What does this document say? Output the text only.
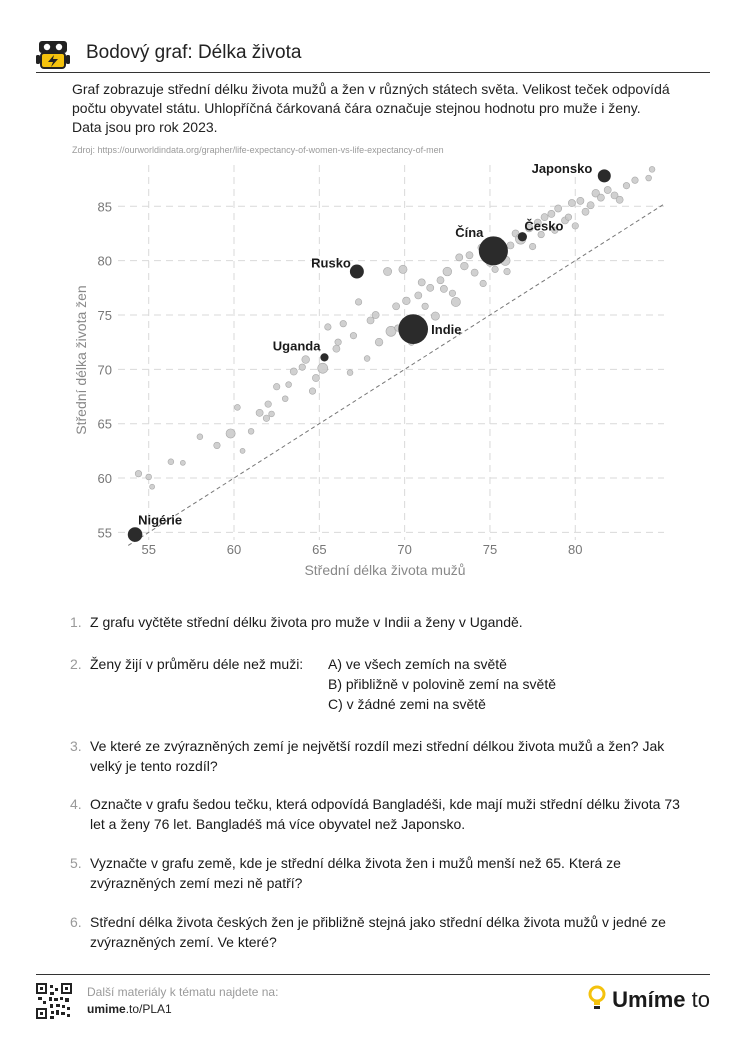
Bodový graf: Délka života
Graf zobrazuje střední délku života mužů a žen v různých státech světa. Velikost teček odpovídá počtu obyvatel státu. Uhlopříčná čárkovaná čára označuje stejnou hodnotu pro muže i ženy. Data jsou pro rok 2023.
Zdroj: https://ourworldindata.org/grapher/life-expectancy-of-women-vs-life-expectancy-of-men
55	60	65	70	75	80
55
60
65
70
75
80
85
Japonsko
Česko
Čína
Rusko
Indie
Uganda
Nigérie
Střední délka života mužů
Střední délka života žen
1. Z grafu vyčtěte střední délku života pro muže v Indii a ženy v Ugandě.
2. Ženy žijí v průměru déle než muži:	A) ve všech zemích na světě
B) přibližně v polovině zemí na světě
C) v žádné zemi na světě
3. Ve které ze zvýrazněných zemí je největší rozdíl mezi střední délkou života mužů a žen? Jak velký je tento rozdíl?
4. Označte v grafu šedou tečku, která odpovídá Bangladéši, kde mají muži střední délku života 73 let a ženy 76 let. Bangladéš má více obyvatel než Japonsko.
5. Vyznačte v grafu země, kde je střední délka života žen i mužů menší než 65. Která ze zvýrazněných zemí mezi ně patří?
6. Střední délka života českých žen je přibližně stejná jako střední délka života mužů v jedné ze zvýrazněných zemí. Ve které?
Další materiály k tématu najdete na:
umime.to/PLA1	Umíme to
